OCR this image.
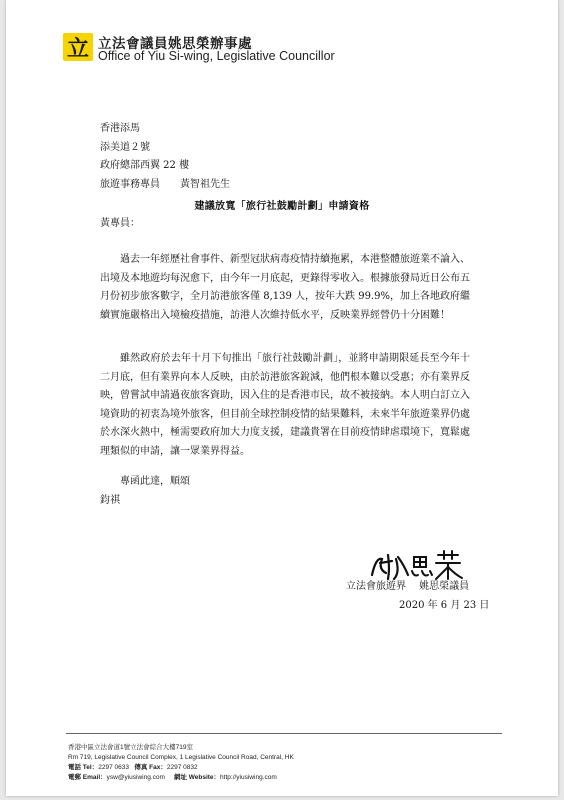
立 立法會議員姚思榮辦事處
Office of Yiu Si-wing, Legislative Councillor
香港添馬
添美道２號
政府總部西翼 22 樓
旅遊事務專員　　黃智祖先生
建議放寬「旅行社鼓勵計劃」申請資格
黃專員：

過去一年經歷社會事件、新型冠狀病毒疫情持續拖累，本港整體旅遊業不論入、出境及本地遊均每況愈下，由今年一月底起，更錄得零收入。根據旅發局近日公布五月份初步旅客數字，全月訪港旅客僅 8,139 人，按年大跌 99.9%，加上各地政府繼續實施嚴格出入境檢疫措施，訪港人次維持低水平，反映業界經營仍十分困難！

雖然政府於去年十月下旬推出「旅行社鼓勵計劃」，並將申請期限延長至今年十二月底，但有業界向本人反映，由於訪港旅客銳減，他們根本難以受惠；亦有業界反映，曾嘗試申請過夜旅客資助，因入住的是香港市民，故不被接納。本人明白訂立入境資助的初衷為境外旅客，但目前全球控制疫情的結果難料，未來半年旅遊業界仍處於水深火熱中，極需要政府加大力度支援，建議貴署在目前疫情肆虐環境下，寬鬆處理類似的申請，讓一眾業界得益。

專函此達，順頌
鈞祺
立法會旅遊界　 姚思榮議員
2020 年 6 月 23 日
香港中區立法會道1號立法會綜合大樓719室
Rm 719, Legislative Council Complex, 1 Legislative Council Road, Central, HK
電話 Tel：2297 0633 傳真 Fax：2297 0832
電郵 Email：ysw@yiusiwing.com 網址 Website：http://yiusiwing.com
